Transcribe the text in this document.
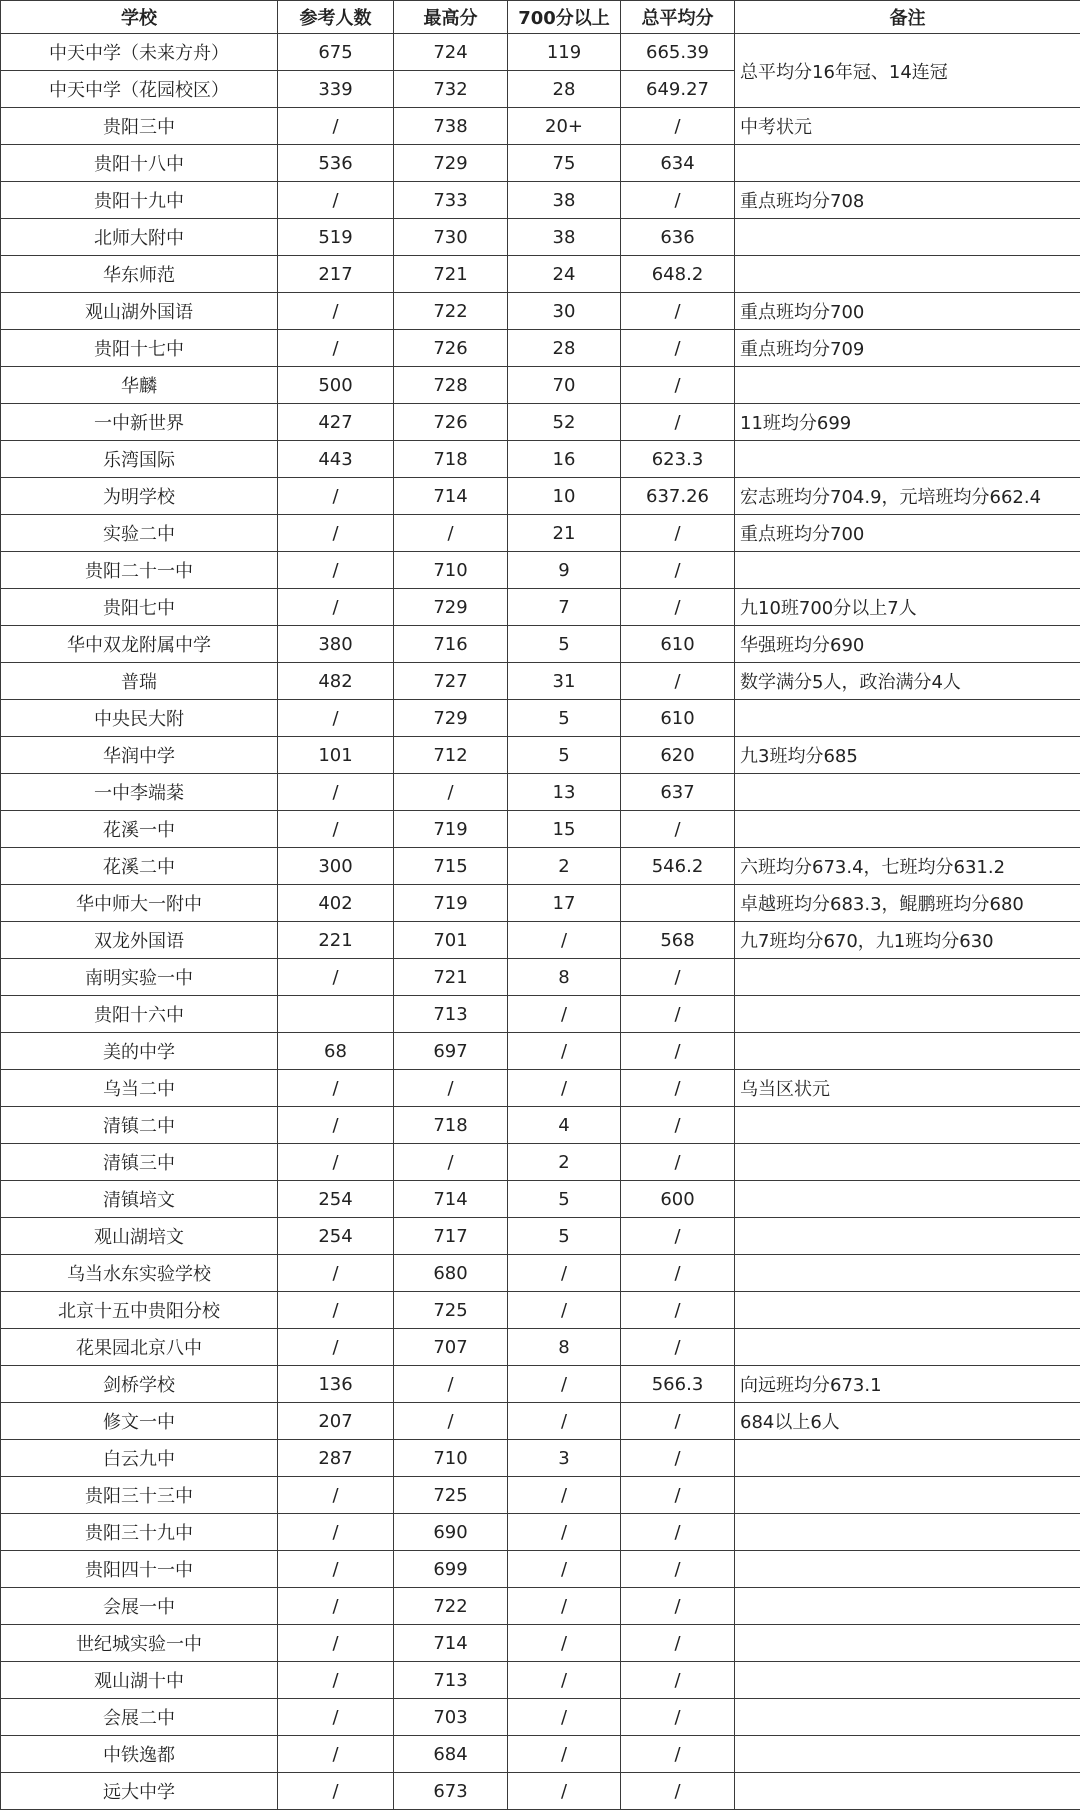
学校	参考人数	最高分	700分以上	总平均分	备注
中天中学（未来方舟）	675	724	119	665.39	总平均分16年冠、14连冠
中天中学（花园校区）	339	732	28	649.27	
贵阳三中	/	738	20+	/	中考状元
贵阳十八中	536	729	75	634	
贵阳十九中	/	733	38	/	重点班均分708
北师大附中	519	730	38	636	
华东师范	217	721	24	648.2	
观山湖外国语	/	722	30	/	重点班均分700
贵阳十七中	/	726	28	/	重点班均分709
华麟	500	728	70	/	
一中新世界	427	726	52	/	11班均分699
乐湾国际	443	718	16	623.3	
为明学校	/	714	10	637.26	宏志班均分704.9，元培班均分662.4
实验二中	/	/	21	/	重点班均分700
贵阳二十一中	/	710	9	/	
贵阳七中	/	729	7	/	九10班700分以上7人
华中双龙附属中学	380	716	5	610	华强班均分690
普瑞	482	727	31	/	数学满分5人，政治满分4人
中央民大附	/	729	5	610	
华润中学	101	712	5	620	九3班均分685
一中李端棻	/	/	13	637	
花溪一中	/	719	15	/	
花溪二中	300	715	2	546.2	六班均分673.4，七班均分631.2
华中师大一附中	402	719	17		卓越班均分683.3，鲲鹏班均分680
双龙外国语	221	701	/	568	九7班均分670，九1班均分630
南明实验一中	/	721	8	/	
贵阳十六中		713	/	/	
美的中学	68	697	/	/	
乌当二中	/	/	/	/	乌当区状元
清镇二中	/	718	4	/	
清镇三中	/	/	2	/	
清镇培文	254	714	5	600	
观山湖培文	254	717	5	/	
乌当水东实验学校	/	680	/	/	
北京十五中贵阳分校	/	725	/	/	
花果园北京八中	/	707	8	/	
剑桥学校	136	/	/	566.3	向远班均分673.1
修文一中	207	/	/	/	684以上6人
白云九中	287	710	3	/	
贵阳三十三中	/	725	/	/	
贵阳三十九中	/	690	/	/	
贵阳四十一中	/	699	/	/	
会展一中	/	722	/	/	
世纪城实验一中	/	714	/	/	
观山湖十中	/	713	/	/	
会展二中	/	703	/	/	
中铁逸都	/	684	/	/	
远大中学	/	673	/	/	
